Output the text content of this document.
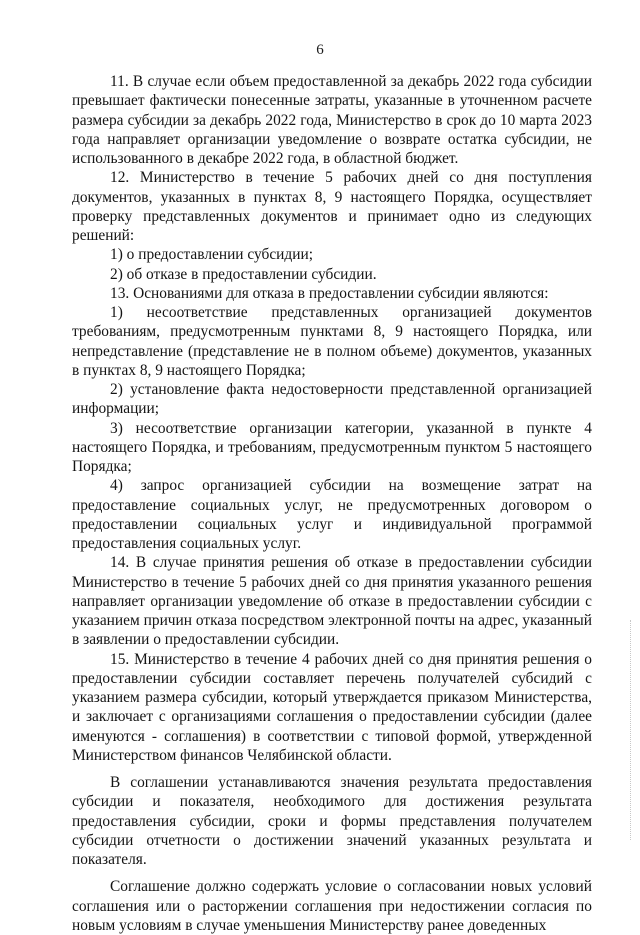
6

11. В случае если объем предоставленной за декабрь 2022 года субсидии превышает фактически понесенные затраты, указанные в уточненном расчете размера субсидии за декабрь 2022 года, Министерство в срок до 10 марта 2023 года направляет организации уведомление о возврате остатка субсидии, не использованного в декабре 2022 года, в областной бюджет.

12. Министерство в течение 5 рабочих дней со дня поступления документов, указанных в пунктах 8, 9 настоящего Порядка, осуществляет проверку представленных документов и принимает одно из следующих решений:

1) о предоставлении субсидии;

2) об отказе в предоставлении субсидии.

13. Основаниями для отказа в предоставлении субсидии являются:

1) несоответствие представленных организацией документов требованиям, предусмотренным пунктами 8, 9 настоящего Порядка, или непредставление (представление не в полном объеме) документов, указанных в пунктах 8, 9 настоящего Порядка;

2) установление факта недостоверности представленной организацией информации;

3) несоответствие организации категории, указанной в пункте 4 настоящего Порядка, и требованиям, предусмотренным пунктом 5 настоящего Порядка;

4) запрос организацией субсидии на возмещение затрат на предоставление социальных услуг, не предусмотренных договором о предоставлении социальных услуг и индивидуальной программой предоставления социальных услуг.

14. В случае принятия решения об отказе в предоставлении субсидии Министерство в течение 5 рабочих дней со дня принятия указанного решения направляет организации уведомление об отказе в предоставлении субсидии с указанием причин отказа посредством электронной почты на адрес, указанный в заявлении о предоставлении субсидии.

15. Министерство в течение 4 рабочих дней со дня принятия решения о предоставлении субсидии составляет перечень получателей субсидий с указанием размера субсидии, который утверждается приказом Министерства, и заключает с организациями соглашения о предоставлении субсидии (далее именуются - соглашения) в соответствии с типовой формой, утвержденной Министерством финансов Челябинской области.

В соглашении устанавливаются значения результата предоставления субсидии и показателя, необходимого для достижения результата предоставления субсидии, сроки и формы представления получателем субсидии отчетности о достижении значений указанных результата и показателя.

Соглашение должно содержать условие о согласовании новых условий соглашения или о расторжении соглашения при недостижении согласия по новым условиям в случае уменьшения Министерству ранее доведенных
